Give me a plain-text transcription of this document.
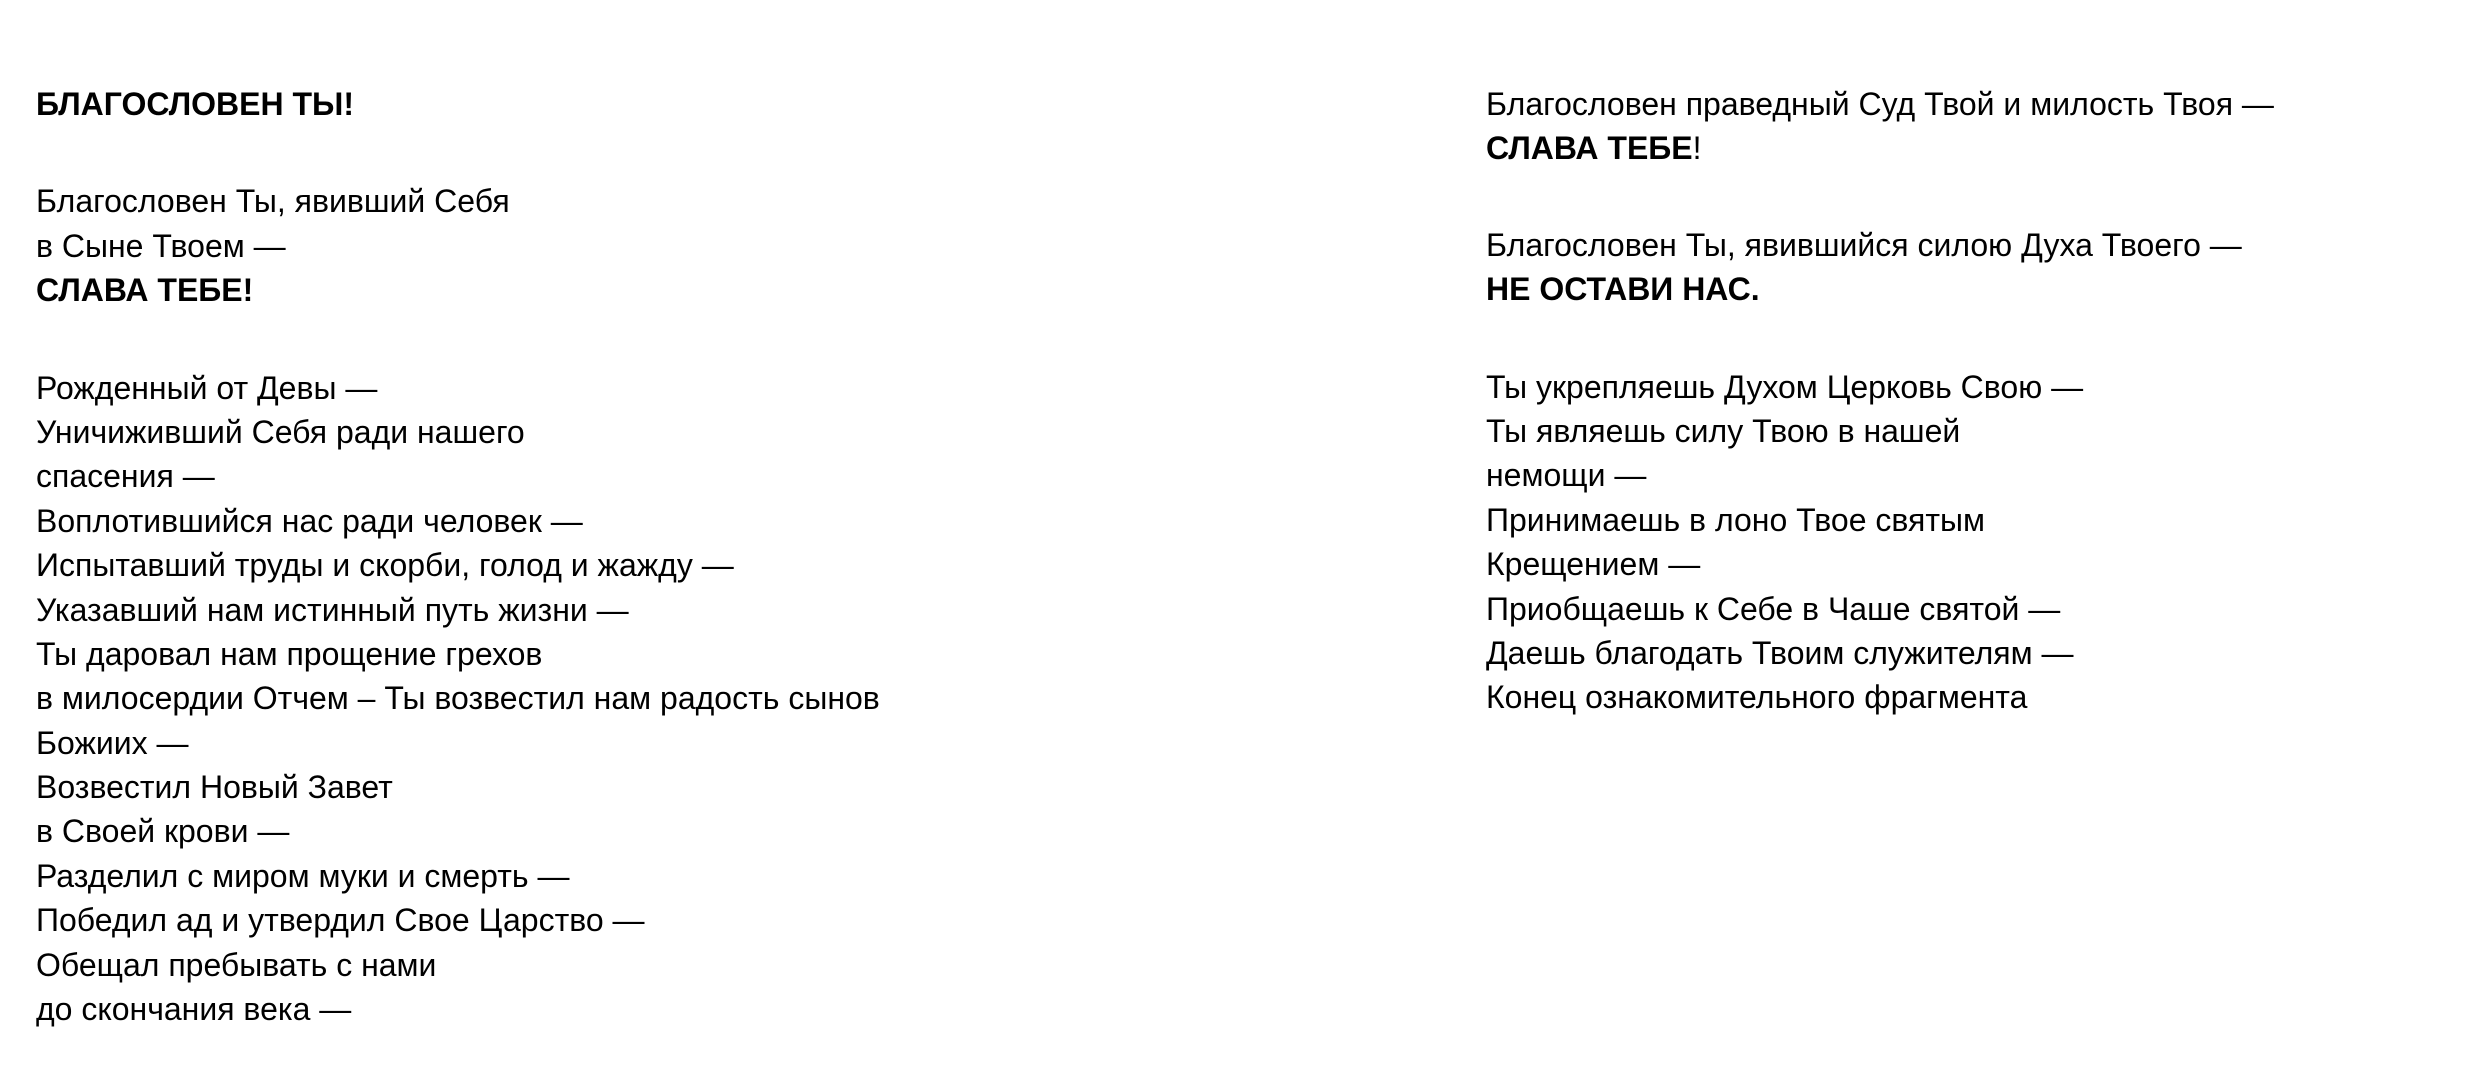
БЛАГОСЛОВЕН ТЫ!
Благословен Ты, явивший Себя
в Сыне Твоем —
СЛАВА ТЕБЕ!
Рожденный от Девы —
Уничиживший Себя ради нашего
спасения —
Воплотившийся нас ради человек —
Испытавший труды и скорби, голод и жажду —
Указавший нам истинный путь жизни —
Ты даровал нам прощение грехов
в милосердии Отчем – Ты возвестил нам радость сынов
Божиих —
Возвестил Новый Завет
в Своей крови —
Разделил с миром муки и смерть —
Победил ад и утвердил Свое Царство —
Обещал пребывать с нами
до скончания века —
Благословен праведный Суд Твой и милость Твоя —
СЛАВА ТЕБЕ!
Благословен Ты, явившийся силою Духа Твоего —
НЕ ОСТАВИ НАС.
Ты укрепляешь Духом Церковь Свою —
Ты являешь силу Твою в нашей
немощи —
Принимаешь в лоно Твое святым
Крещением —
Приобщаешь к Себе в Чаше святой —
Даешь благодать Твоим служителям —
Конец ознакомительного фрагмента
